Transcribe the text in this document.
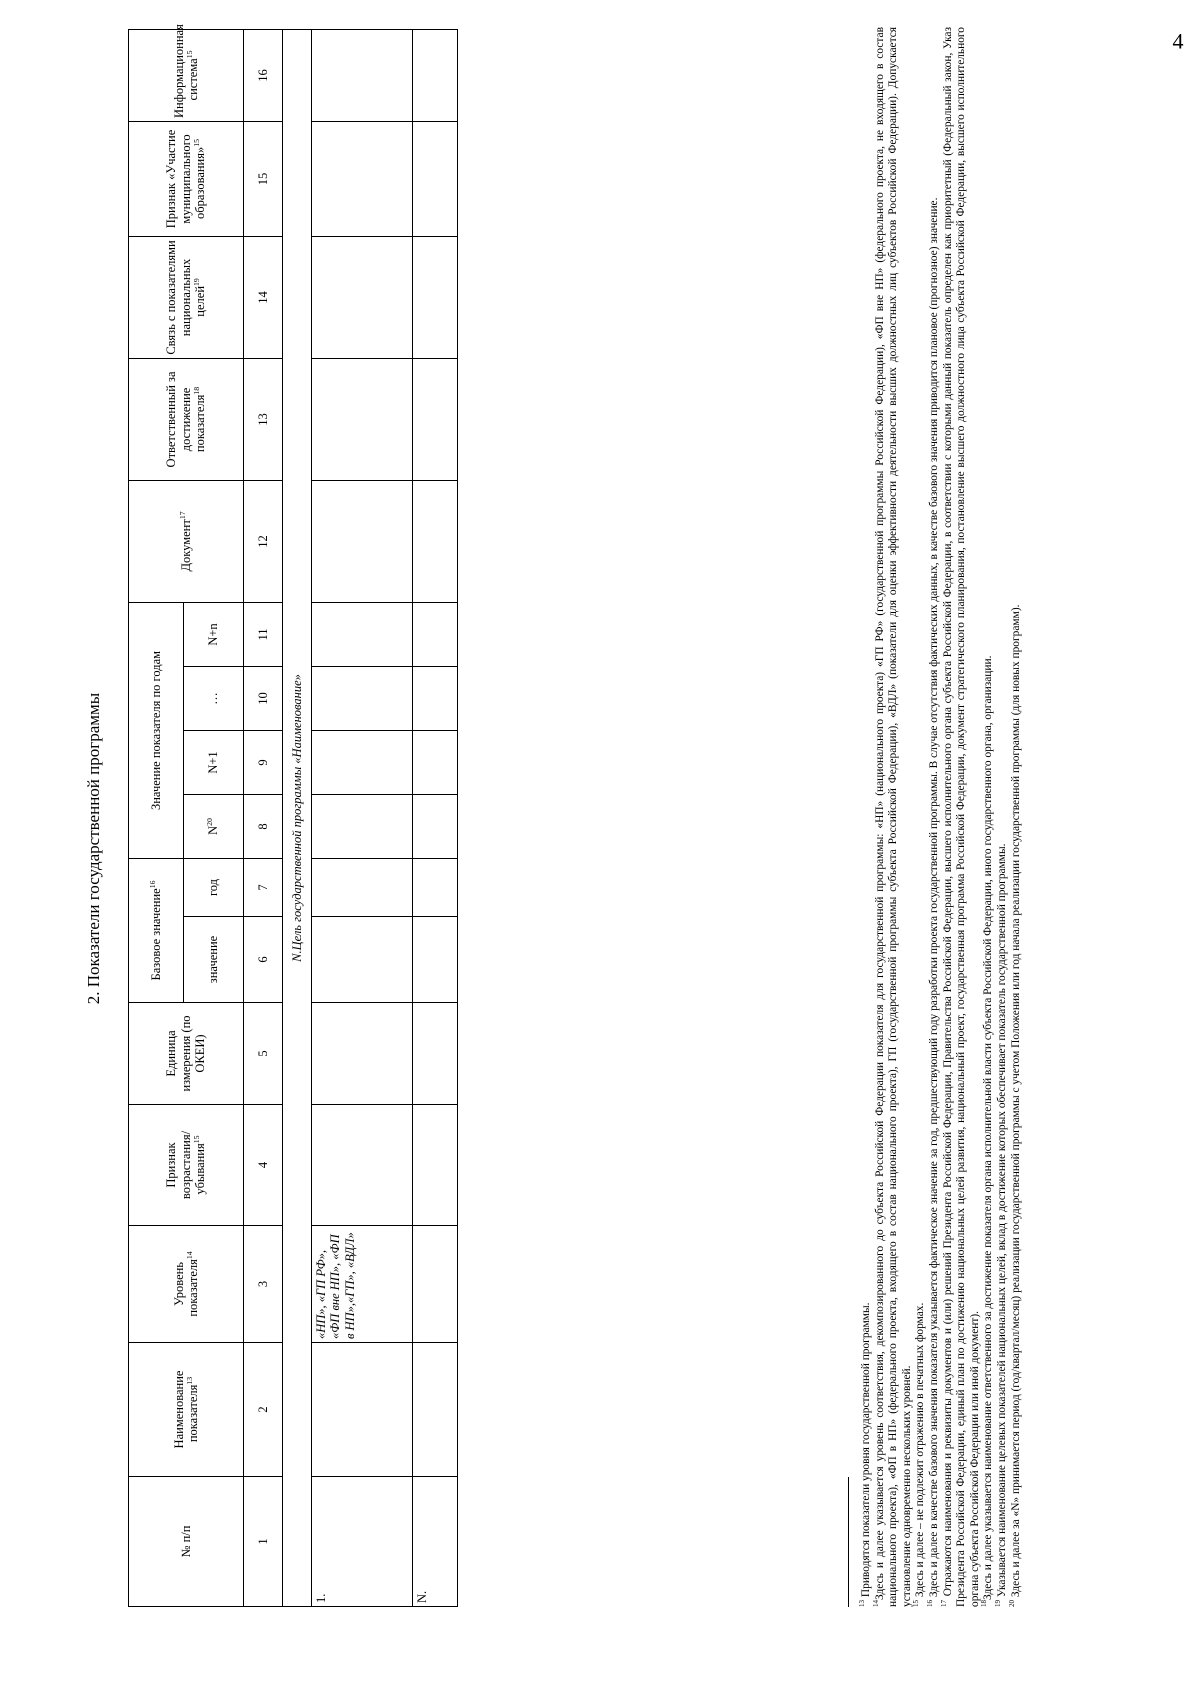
4
2. Показатели государственной программы
№ п/п	Наименование показателя$^{13}$	Уровень показателя$^{14}$	Признак возрастания/ убывания$^{15}$	Единица измерения (по ОКЕИ)	Базовое значение$^{16}$		Значение показателя по годам				Документ$^{17}$	Ответственный за достижение показателя$^{18}$	Связь с показателями национальных целей$^{19}$	Признак «Участие муниципального образования»$^{15}$	Информационная система$^{15}$
					значение	год	$N^{20}$	N+1	…	N+n					
1	2	3	4	5	6	7	8	9	10	11	12	13	14	15	16
N.Цель государственной программы «Наименование»															
1.		«НП», «ГП РФ», «ФП вне НП», «ФП в НП»,«ГП», «ВДЛ»													
N.															

$^{13}$ Приводятся показатели уровня государственной программы.

$^{14}$Здесь и далее указывается уровень соответствия, декомпозированного до субъекта Российской Федерации показателя для государственной программы: «НП» (национального проекта) «ГП РФ» (государственной программы Российской Федерации), «ФП вне НП» (федерального проекта, не входящего в состав национального проекта), «ФП в НП» (федерального проекта, входящего в состав национального проекта), ГП (государственной программы субъекта Российской Федерации), «ВДЛ» (показатели для оценки эффективности деятельности высших должностных лиц субъектов Российской Федерации). Допускается установление одновременно нескольких уровней. $^{15}$ Здесь и далее – не подлежит отражению в печатных формах.

$^{16}$ Здесь и далее в качестве базового значения показателя указывается фактическое значение за год, предшествующий году разработки проекта государственной программы. В случае отсутствия фактических данных, в качестве базового значения приводится плановое (прогнозное) значение.

$^{17}$ Отражаются наименования и реквизиты документов и (или) решений Президента Российской Федерации, Правительства Российской Федерации, высшего исполнительного органа субъекта Российской Федерации, в соответствии с которыми данный показатель определен как приоритетный (Федеральный закон, Указ Президента Российской Федерации, единый план по достижению национальных целей развития, национальный проект, государственная программа Российской Федерации, документ стратегического планирования, постановление высшего должностного лица субъекта Российской Федерации, высшего исполнительного органа субъекта Российской Федерации или иной документ). $^{18}$Здесь и далее указывается наименование ответственного за достижение показателя органа исполнительной власти субъекта Российской Федерации, иного государственного органа, организации.

$^{19}$ Указывается наименование целевых показателей национальных целей, вклад в достижение которых обеспечивает показатель государственной программы.

$^{20}$ Здесь и далее за «N» принимается период (год/квартал/месяц) реализации государственной программы с учетом Положения или год начала реализации государственной программы (для новых программ).
